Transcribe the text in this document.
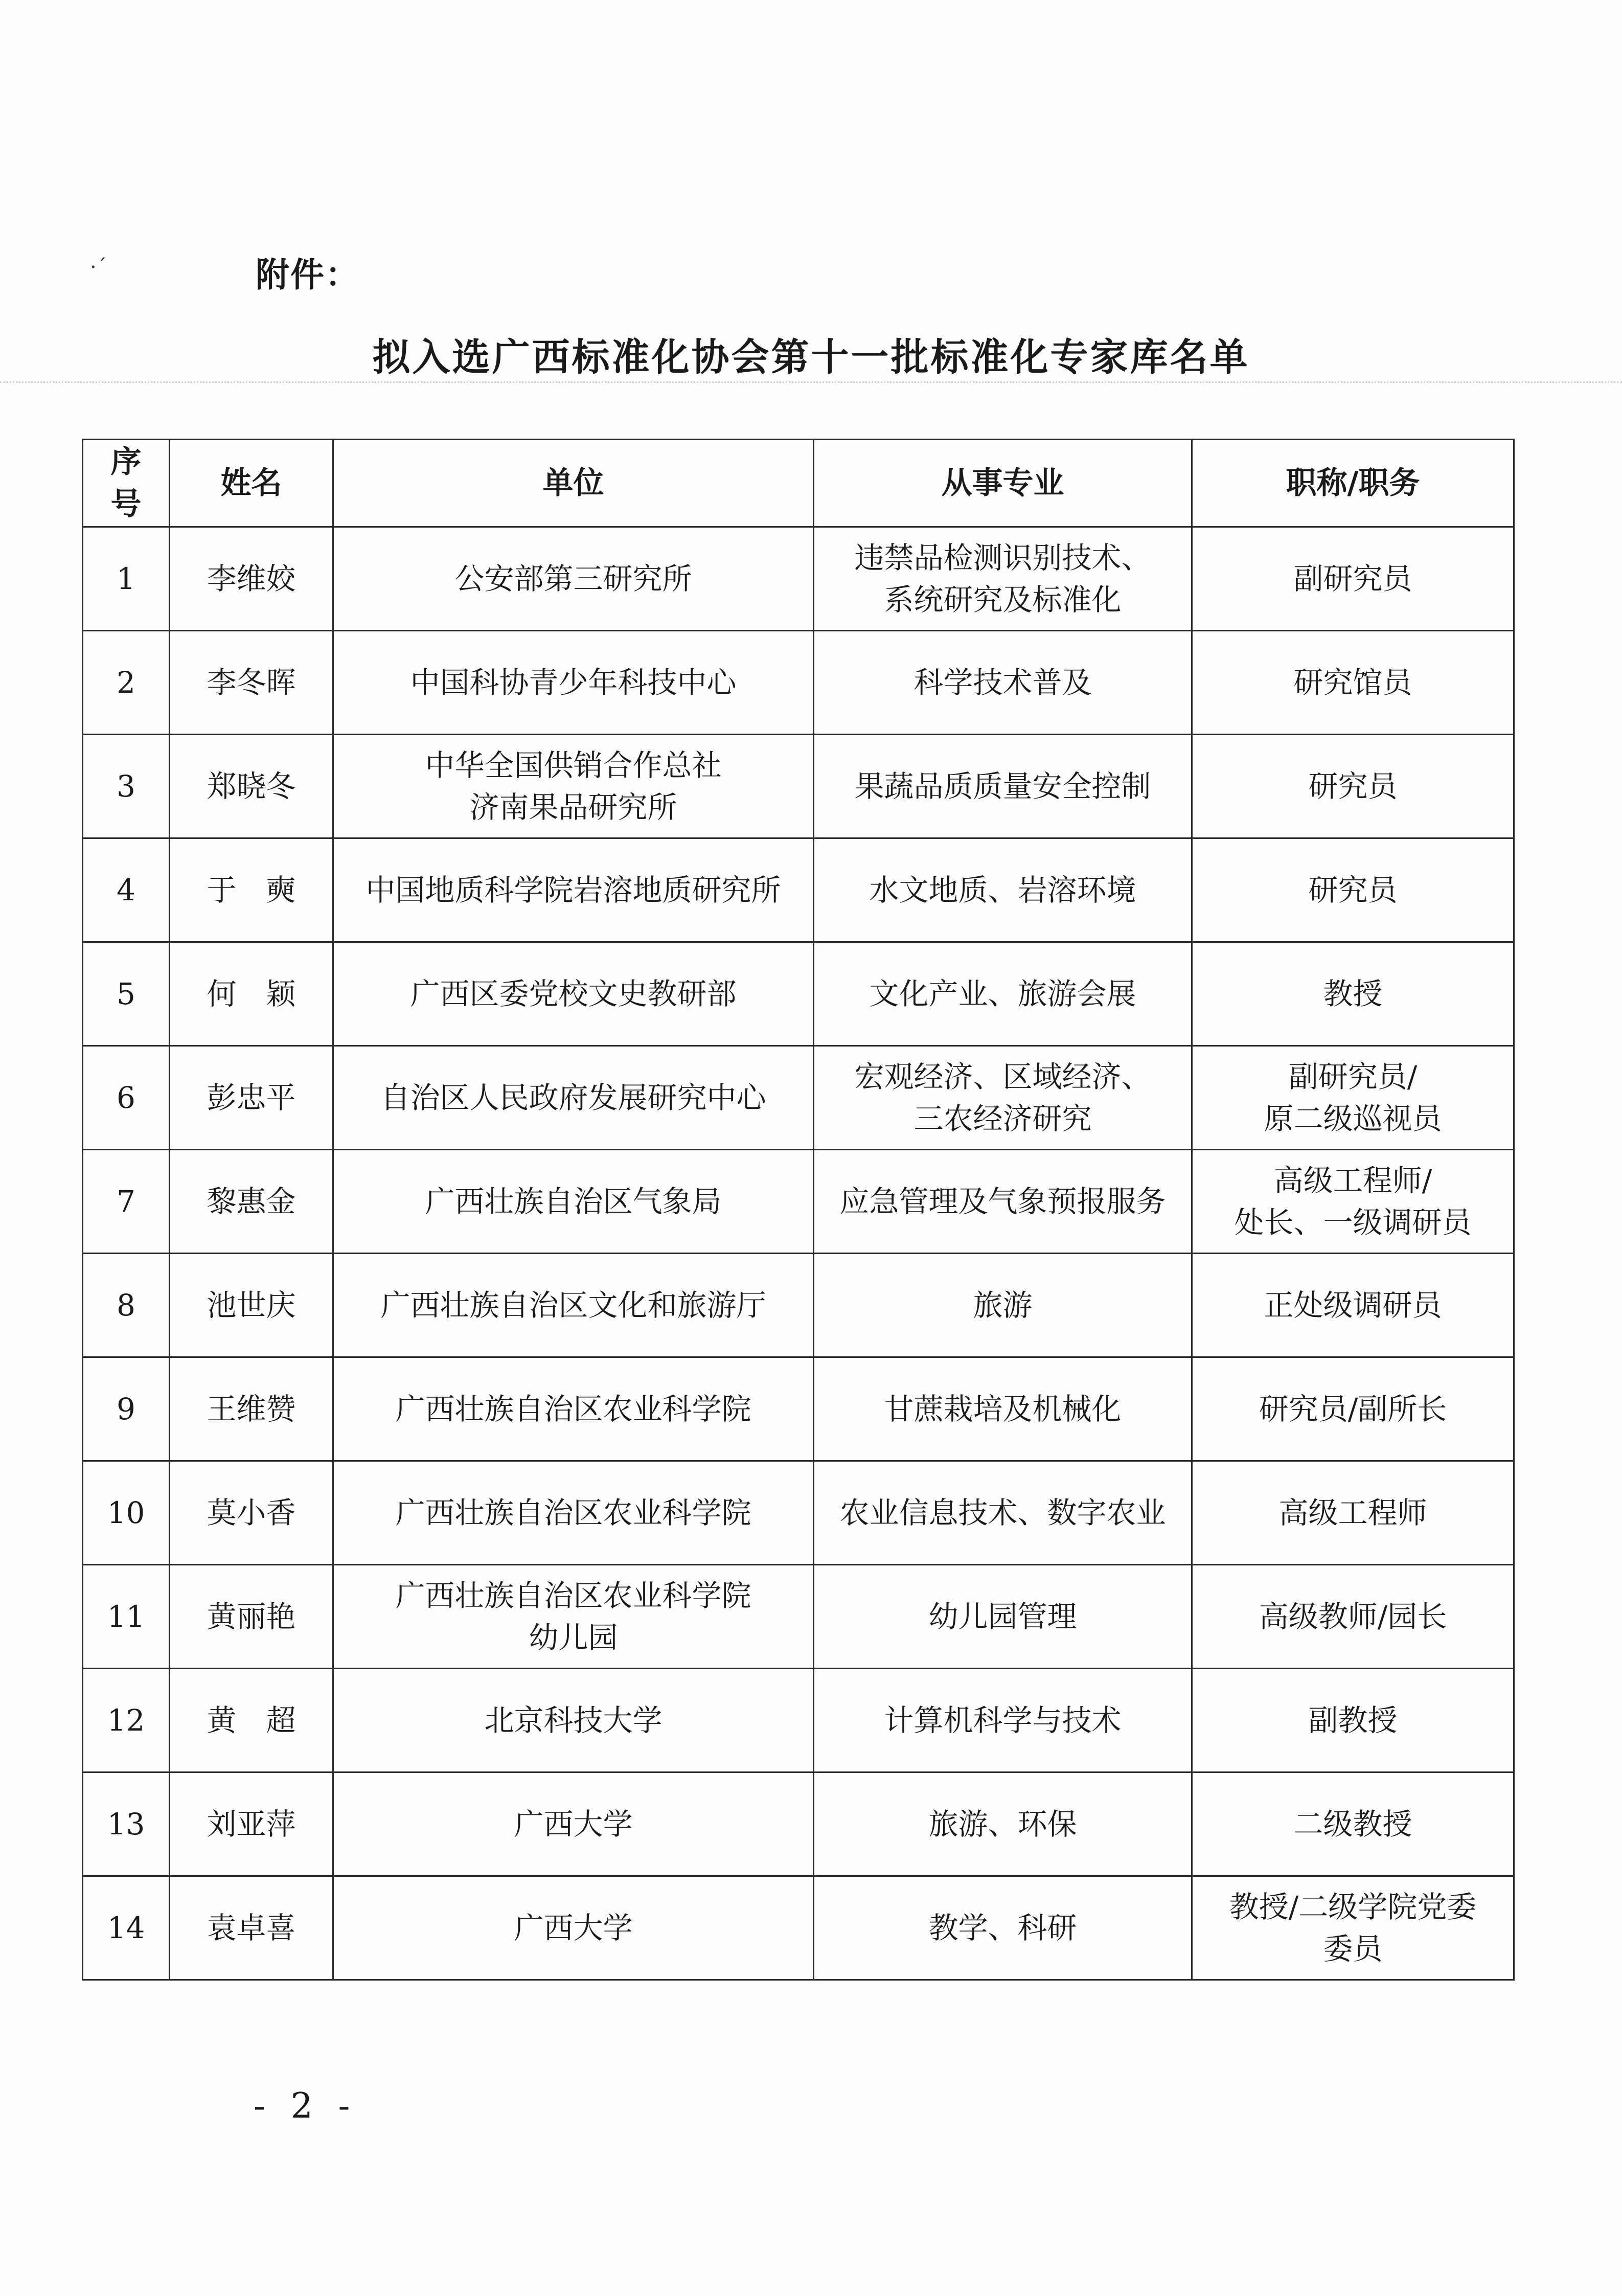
·ˊ	附件：
拟入选广西标准化协会第十一批标准化专家库名单
序
号	姓名	单位	从事专业	职称/职务
1	李维姣	公安部第三研究所	违禁品检测识别技术、
系统研究及标准化	副研究员
2	李冬晖	中国科协青少年科技中心	科学技术普及	研究馆员
3	郑晓冬	中华全国供销合作总社
济南果品研究所	果蔬品质质量安全控制	研究员
4	于　奭	中国地质科学院岩溶地质研究所	水文地质、岩溶环境	研究员
5	何　颖	广西区委党校文史教研部	文化产业、旅游会展	教授
6	彭忠平	自治区人民政府发展研究中心	宏观经济、区域经济、
三农经济研究	副研究员/
原二级巡视员
7	黎惠金	广西壮族自治区气象局	应急管理及气象预报服务	高级工程师/
处长、一级调研员
8	池世庆	广西壮族自治区文化和旅游厅	旅游	正处级调研员
9	王维赞	广西壮族自治区农业科学院	甘蔗栽培及机械化	研究员/副所长
10	莫小香	广西壮族自治区农业科学院	农业信息技术、数字农业	高级工程师
11	黄丽艳	广西壮族自治区农业科学院
幼儿园	幼儿园管理	高级教师/园长
12	黄　超	北京科技大学	计算机科学与技术	副教授
13	刘亚萍	广西大学	旅游、环保	二级教授
14	袁卓喜	广西大学	教学、科研	教授/二级学院党委
委员
- 2 -
